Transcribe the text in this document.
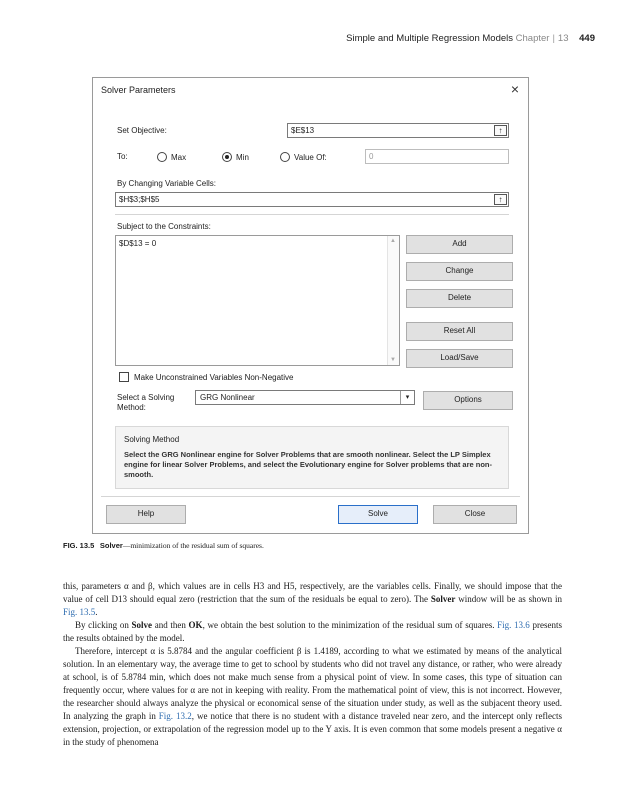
Simple and Multiple Regression Models Chapter | 13 449
Solver Parameters	×
Set Objective:	$E$13	↑
To:	Max	Min	Value Of:	0
By Changing Variable Cells:
$H$3;$H$5	↑
Subject to the Constraints:
$D$13 = 0	▲
▼
Add
Change
Delete
Reset All
Load/Save
Make Unconstrained Variables Non-Negative
Select a Solving
Method:
GRG Nonlinear	▾	Options
Solving Method
Select the GRG Nonlinear engine for Solver Problems that are smooth nonlinear. Select the LP Simplex engine for linear Solver Problems, and select the Evolutionary engine for Solver problems that are non-smooth.
Help	Solve	Close
FIG. 13.5 Solver—minimization of the residual sum of squares.

this, parameters α and β, which values are in cells H3 and H5, respectively, are the variables cells. Finally, we should impose that the value of cell D13 should equal zero (restriction that the sum of the residuals be equal to zero). The Solver window will be as shown in Fig. 13.5.

By clicking on Solve and then OK, we obtain the best solution to the minimization of the residual sum of squares. Fig. 13.6 presents the results obtained by the model.

Therefore, intercept α is 5.8784 and the angular coefficient β is 1.4189, according to what we estimated by means of the analytical solution. In an elementary way, the average time to get to school by students who did not travel any distance, or rather, who were already at school, is of 5.8784 min, which does not make much sense from a physical point of view. In some cases, this type of situation can frequently occur, where values for α are not in keeping with reality. From the mathematical point of view, this is not incorrect. However, the researcher should always analyze the physical or economical sense of the situation under study, as well as the subjacent theory used. In analyzing the graph in Fig. 13.2, we notice that there is no student with a distance traveled near zero, and the intercept only reflects extension, projection, or extrapolation of the regression model up to the Y axis. It is even common that some models present a negative α in the study of phenomena
